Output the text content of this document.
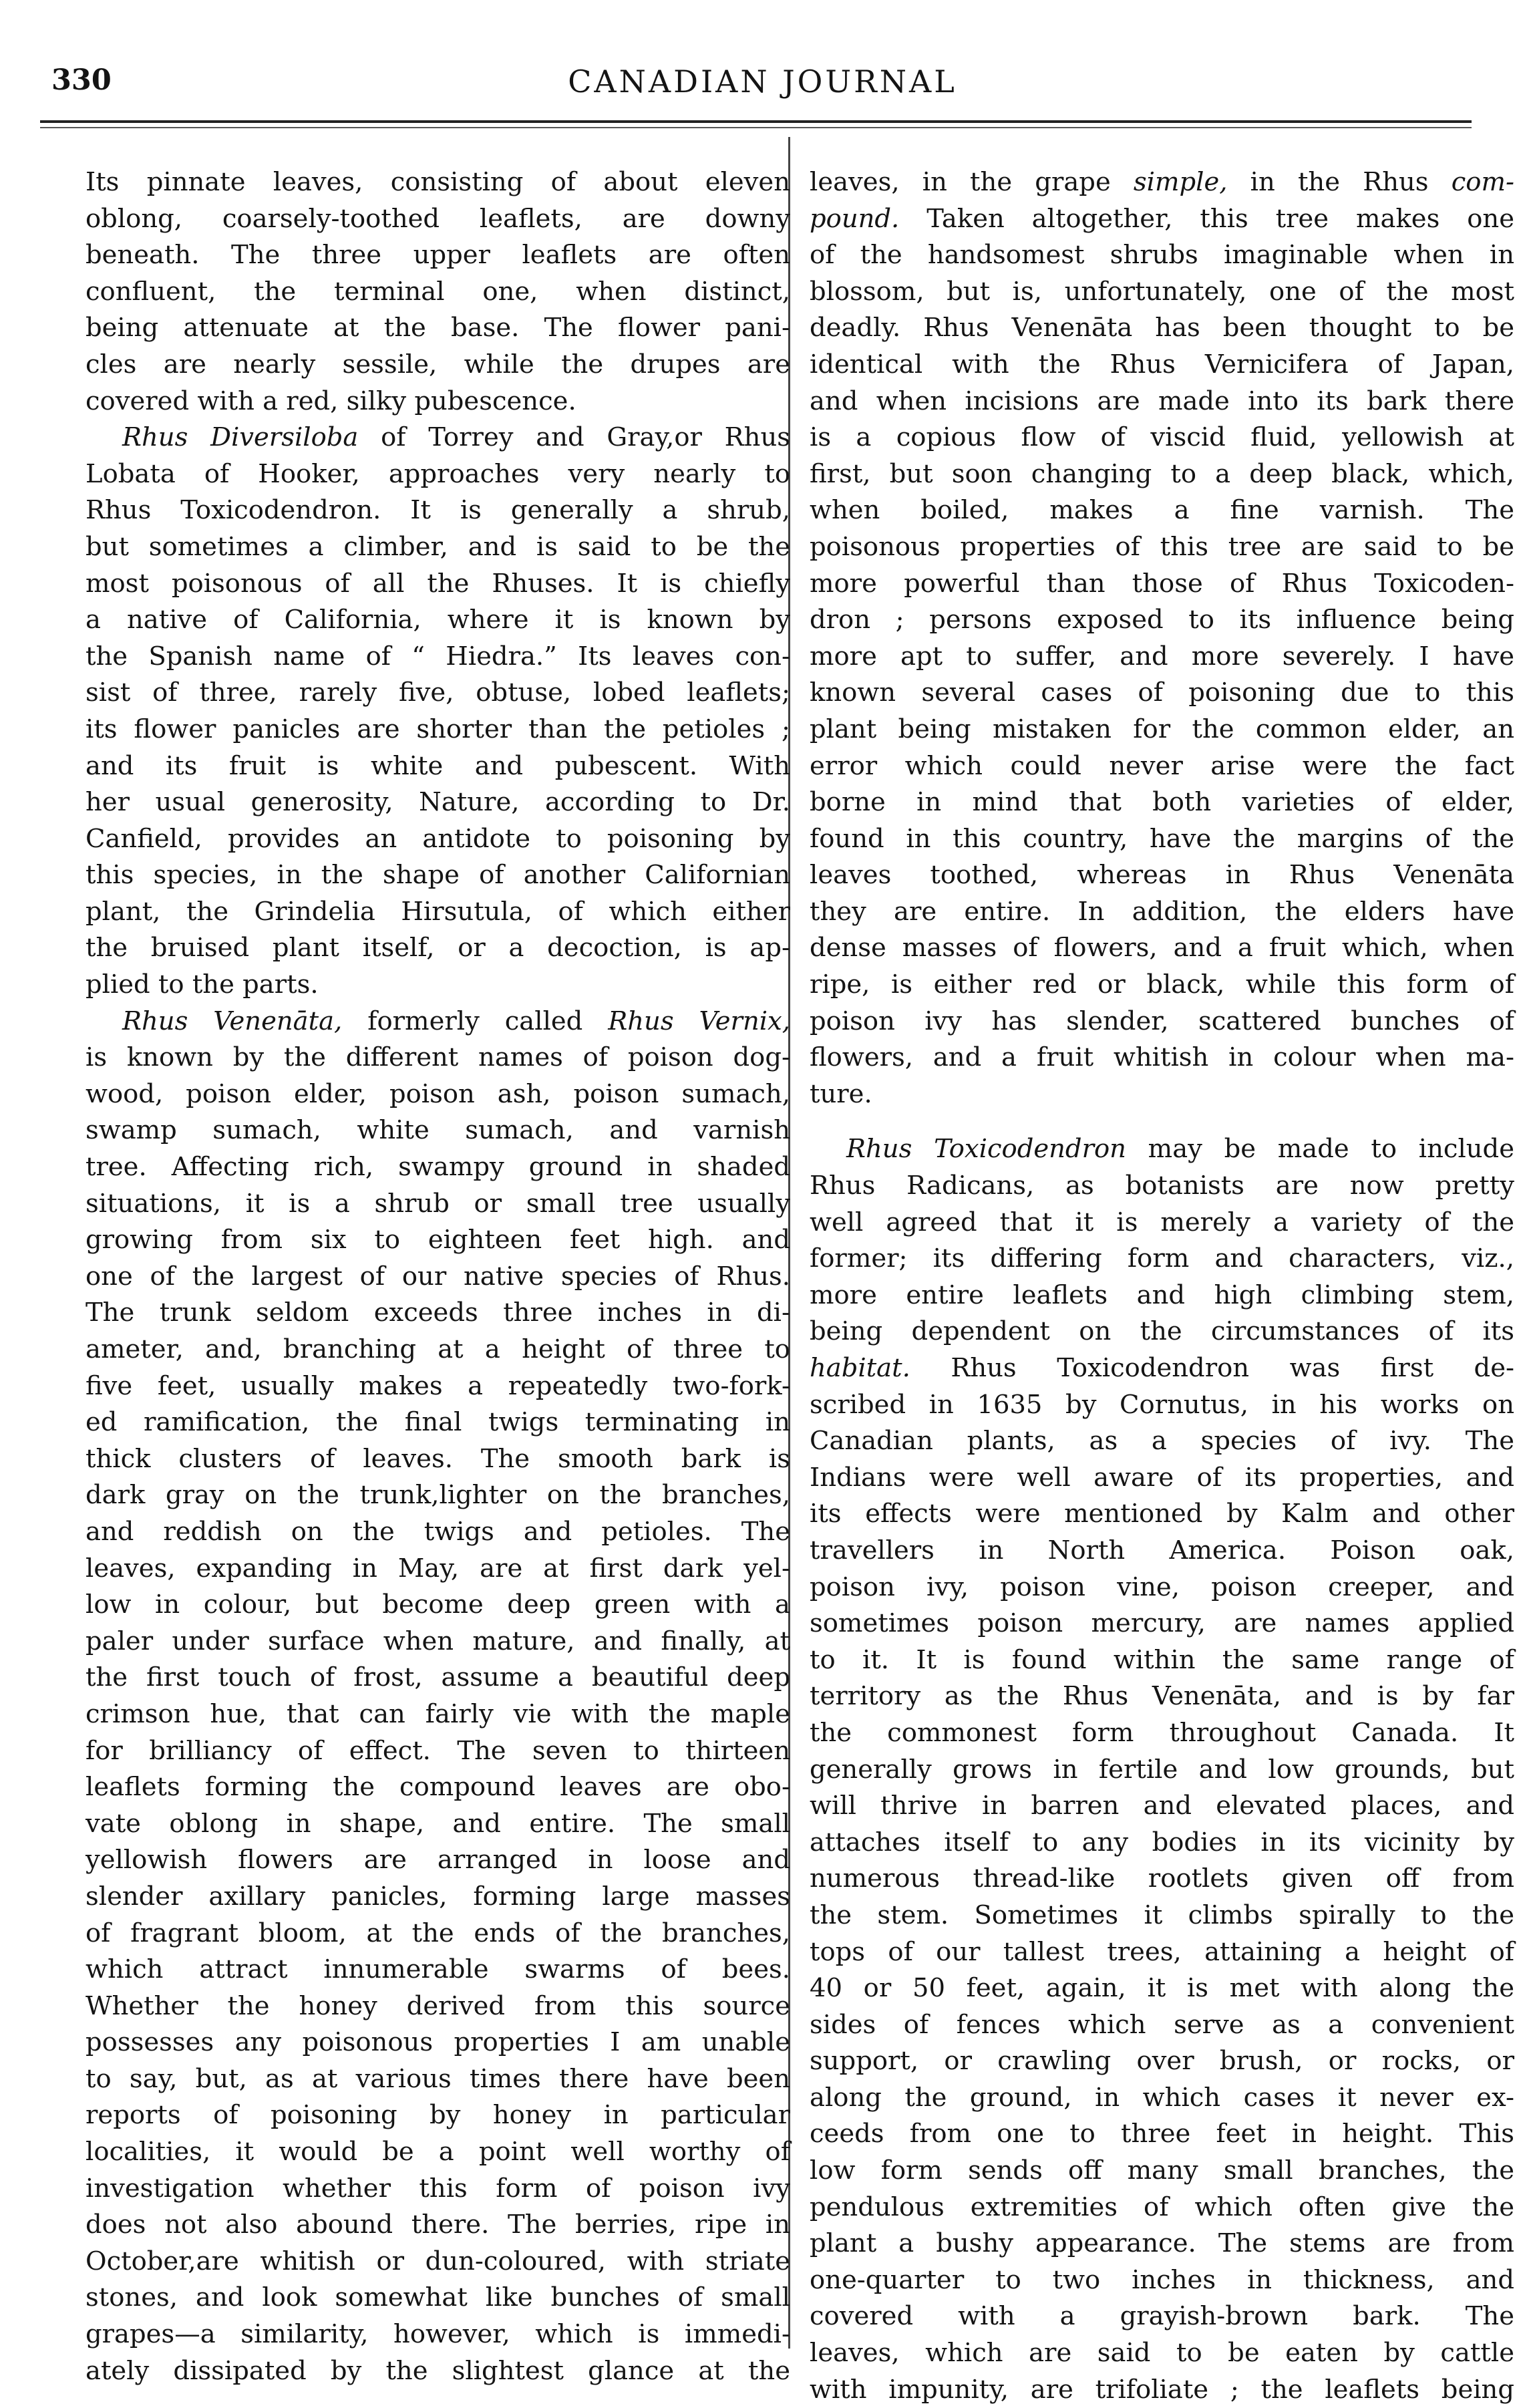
330	CANADIAN JOURNAL
Its pinnate leaves, consisting of about eleven
oblong, coarsely-toothed leaflets, are downy
beneath. The three upper leaflets are often
confluent, the terminal one, when distinct,
being attenuate at the base. The flower pani-
cles are nearly sessile, while the drupes are
covered with a red, silky pubescence.
Rhus Diversiloba of Torrey and Gray,or Rhus
Lobata of Hooker, approaches very nearly to
Rhus Toxicodendron. It is generally a shrub,
but sometimes a climber, and is said to be the
most poisonous of all the Rhuses. It is chiefly
a native of California, where it is known by
the Spanish name of “ Hiedra.” Its leaves con-
sist of three, rarely five, obtuse, lobed leaflets;
its flower panicles are shorter than the petioles ;
and its fruit is white and pubescent. With
her usual generosity, Nature, according to Dr.
Canfield, provides an antidote to poisoning by
this species, in the shape of another Californian
plant, the Grindelia Hirsutula, of which either
the bruised plant itself, or a decoction, is ap-
plied to the parts.
Rhus Venenāta, formerly called Rhus Vernix,
is known by the different names of poison dog-
wood, poison elder, poison ash, poison sumach,
swamp sumach, white sumach, and varnish
tree. Affecting rich, swampy ground in shaded
situations, it is a shrub or small tree usually
growing from six to eighteen feet high. and
one of the largest of our native species of Rhus.
The trunk seldom exceeds three inches in di-
ameter, and, branching at a height of three to
five feet, usually makes a repeatedly two-fork-
ed ramification, the final twigs terminating in
thick clusters of leaves. The smooth bark is
dark gray on the trunk,lighter on the branches,
and reddish on the twigs and petioles. The
leaves, expanding in May, are at first dark yel-
low in colour, but become deep green with a
paler under surface when mature, and finally, at
the first touch of frost, assume a beautiful deep
crimson hue, that can fairly vie with the maple
for brilliancy of effect. The seven to thirteen
leaflets forming the compound leaves are obo-
vate oblong in shape, and entire. The small
yellowish flowers are arranged in loose and
slender axillary panicles, forming large masses
of fragrant bloom, at the ends of the branches,
which attract innumerable swarms of bees.
Whether the honey derived from this source
possesses any poisonous properties I am unable
to say, but, as at various times there have been
reports of poisoning by honey in particular
localities, it would be a point well worthy of
investigation whether this form of poison ivy
does not also abound there. The berries, ripe in
October,are whitish or dun-coloured, with striate
stones, and look somewhat like bunches of small
grapes—a similarity, however, which is immedi-
ately dissipated by the slightest glance at the
leaves, in the grape simple, in the Rhus com-
pound. Taken altogether, this tree makes one
of the handsomest shrubs imaginable when in
blossom, but is, unfortunately, one of the most
deadly. Rhus Venenāta has been thought to be
identical with the Rhus Vernicifera of Japan,
and when incisions are made into its bark there
is a copious flow of viscid fluid, yellowish at
first, but soon changing to a deep black, which,
when boiled, makes a fine varnish. The
poisonous properties of this tree are said to be
more powerful than those of Rhus Toxicoden-
dron ; persons exposed to its influence being
more apt to suffer, and more severely. I have
known several cases of poisoning due to this
plant being mistaken for the common elder, an
error which could never arise were the fact
borne in mind that both varieties of elder,
found in this country, have the margins of the
leaves toothed, whereas in Rhus Venenāta
they are entire. In addition, the elders have
dense masses of flowers, and a fruit which, when
ripe, is either red or black, while this form of
poison ivy has slender, scattered bunches of
flowers, and a fruit whitish in colour when ma-
ture.
Rhus Toxicodendron may be made to include
Rhus Radicans, as botanists are now pretty
well agreed that it is merely a variety of the
former; its differing form and characters, viz.,
more entire leaflets and high climbing stem,
being dependent on the circumstances of its
habitat. Rhus Toxicodendron was first de-
scribed in 1635 by Cornutus, in his works on
Canadian plants, as a species of ivy. The
Indians were well aware of its properties, and
its effects were mentioned by Kalm and other
travellers in North America. Poison oak,
poison ivy, poison vine, poison creeper, and
sometimes poison mercury, are names applied
to it. It is found within the same range of
territory as the Rhus Venenāta, and is by far
the commonest form throughout Canada. It
generally grows in fertile and low grounds, but
will thrive in barren and elevated places, and
attaches itself to any bodies in its vicinity by
numerous thread-like rootlets given off from
the stem. Sometimes it climbs spirally to the
tops of our tallest trees, attaining a height of
40 or 50 feet, again, it is met with along the
sides of fences which serve as a convenient
support, or crawling over brush, or rocks, or
along the ground, in which cases it never ex-
ceeds from one to three feet in height. This
low form sends off many small branches, the
pendulous extremities of which often give the
plant a bushy appearance. The stems are from
one-quarter to two inches in thickness, and
covered with a grayish-brown bark. The
leaves, which are said to be eaten by cattle
with impunity, are trifoliate ; the leaflets being
